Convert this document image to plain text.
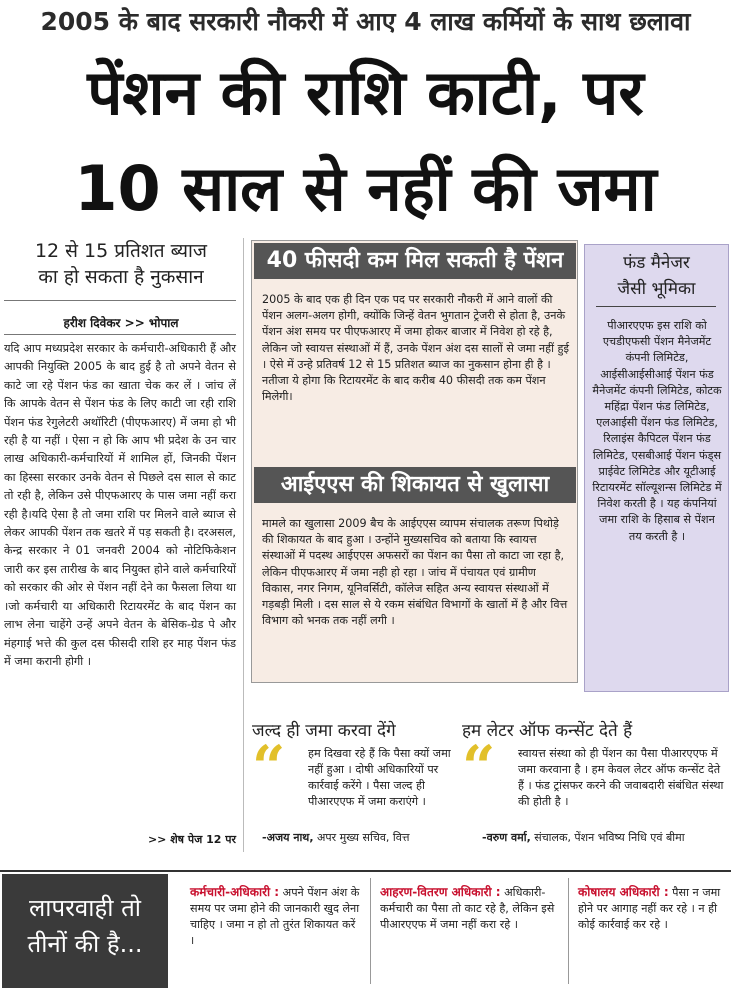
2005 के बाद सरकारी नौकरी में आए 4 लाख कर्मियों के साथ छलावा
पेंशन की राशि काटी, पर
10 साल से नहीं की जमा
12 से 15 प्रतिशत ब्याज
का हो सकता है नुकसान
हरीश दिवेकर >> भोपाल
यदि आप मध्यप्रदेश सरकार के कर्मचारी-अधिकारी हैं और आपकी नियुक्ति 2005 के बाद हुई है तो अपने वेतन से काटे जा रहे पेंशन फंड का खाता चेक कर लें । जांच लें कि आपके वेतन से पेंशन फंड के लिए काटी जा रही राशि पेंशन फंड रेगुलेटरी अथॉरिटी (पीएफआरए) में जमा हो भी रही है या नहीं । ऐसा न हो कि आप भी प्रदेश के उन चार लाख अधिकारी-कर्मचारियों में शामिल हों, जिनकी पेंशन का हिस्सा सरकार उनके वेतन से पिछले दस साल से काट तो रही है, लेकिन उसे पीएफआरए के पास जमा नहीं करा रही है।यदि ऐसा है तो जमा राशि पर मिलने वाले ब्याज से लेकर आपकी पेंशन तक खतरे में पड़ सकती है। दरअसल, केन्द्र सरकार ने 01 जनवरी 2004 को नोटिफिकेशन जारी कर इस तारीख के बाद नियुक्त होने वाले कर्मचारियों को सरकार की ओर से पेंशन नहीं देने का फैसला लिया था ।जो कर्मचारी या अधिकारी रिटायरमेंट के बाद पेंशन का लाभ लेना चाहेंगे उन्हें अपने वेतन के बेसिक-ग्रेड पे और मंहगाई भत्ते की कुल दस फीसदी राशि हर माह पेंशन फंड में जमा करानी होगी ।
>> शेष पेज 12 पर
40 फीसदी कम मिल सकती है पेंशन
2005 के बाद एक ही दिन एक पद पर सरकारी नौकरी में आने वालों की पेंशन अलग-अलग होगी, क्योंकि जिन्हें वेतन भुगतान ट्रेजरी से होता है, उनके पेंशन अंश समय पर पीएफआरए में जमा होकर बाजार में निवेश हो रहे है, लेकिन जो स्वायत्त संस्थाओं में हैं, उनके पेंशन अंश दस सालों से जमा नहीं हुई । ऐसे में उन्हे प्रतिवर्ष 12 से 15 प्रतिशत ब्याज का नुकसान होना ही है । नतीजा ये होगा कि रिटायरमेंट के बाद करीब 40 फीसदी तक कम पेंशन मिलेगी।
आईएएस की शिकायत से खुलासा
मामले का खुलासा 2009 बैच के आईएएस व्यापम संचालक तरूण पिथोड़े की शिकायत के बाद हुआ । उन्होंने मुख्यसचिव को बताया कि स्वायत्त संस्थाओं में पदस्थ आईएएस अफसरों का पेंशन का पैसा तो काटा जा रहा है, लेकिन पीएफआरए में जमा नही हो रहा । जांच में पंचायत एवं ग्रामीण विकास, नगर निगम, यूनिवर्सिटी, कॉलेज सहित अन्य स्वायत्त संस्थाओं में गड़बड़ी मिली । दस साल से ये रकम संबंधित विभागों के खातों में है और वित्त विभाग को भनक तक नहीं लगी ।
फंड मैनेजर
जैसी भूमिका
पीआरएएफ इस राशि को एचडीएफसी पेंशन मैनेजमेंट कंपनी लिमिटेड, आईसीआईसीआई पेंशन फंड मैनेजमेंट कंपनी लिमिटेड, कोटक महिंद्रा पेंशन फंड लिमिटेड, एलआईसी पेंशन फंड लिमिटेड, रिलाइंस कैपिटल पेंशन फंड लिमिटेड, एसबीआई पेंशन फंड्स प्राईवेट लिमिटेड और यूटीआई रिटायरमेंट सॉल्यूशन्स लिमिटेड में निवेश करती है । यह कंपनियां जमा राशि के हिसाब से पेंशन तय करती है ।
जल्द ही जमा करवा देंगे
“ हम दिखवा रहे हैं कि पैसा क्यों जमा नहीं हुआ । दोषी अधिकारियों पर कार्रवाई करेंगे । पैसा जल्द ही पीआरएएफ में जमा कराएंगे ।
-अजय नाथ, अपर मुख्य सचिव, वित्त
हम लेटर ऑफ कन्सेंट देते हैं
“ स्वायत्त संस्था को ही पेंशन का पैसा पीआरएएफ में जमा करवाना है । हम केवल लेटर ऑफ कन्सेंट देते हैं । फंड ट्रांसफर करने की जवाबदारी संबंधित संस्था की होती है ।
-वरुण वर्मा, संचालक, पेंशन भविष्य निधि एवं बीमा
लापरवाही तो
तीनों की है...
कर्मचारी-अधिकारी : अपने पेंशन अंश के समय पर जमा होने की जानकारी खुद लेना चाहिए । जमा न हो तो तुरंत शिकायत करें ।
आहरण-वितरण अधिकारी : अधिकारी-कर्मचारी का पैसा तो काट रहे है, लेकिन इसे पीआरएएफ में जमा नहीं करा रहे ।
कोषालय अधिकारी : पैसा न जमा होने पर आगाह नहीं कर रहे । न ही कोई कार्रवाई कर रहे ।
